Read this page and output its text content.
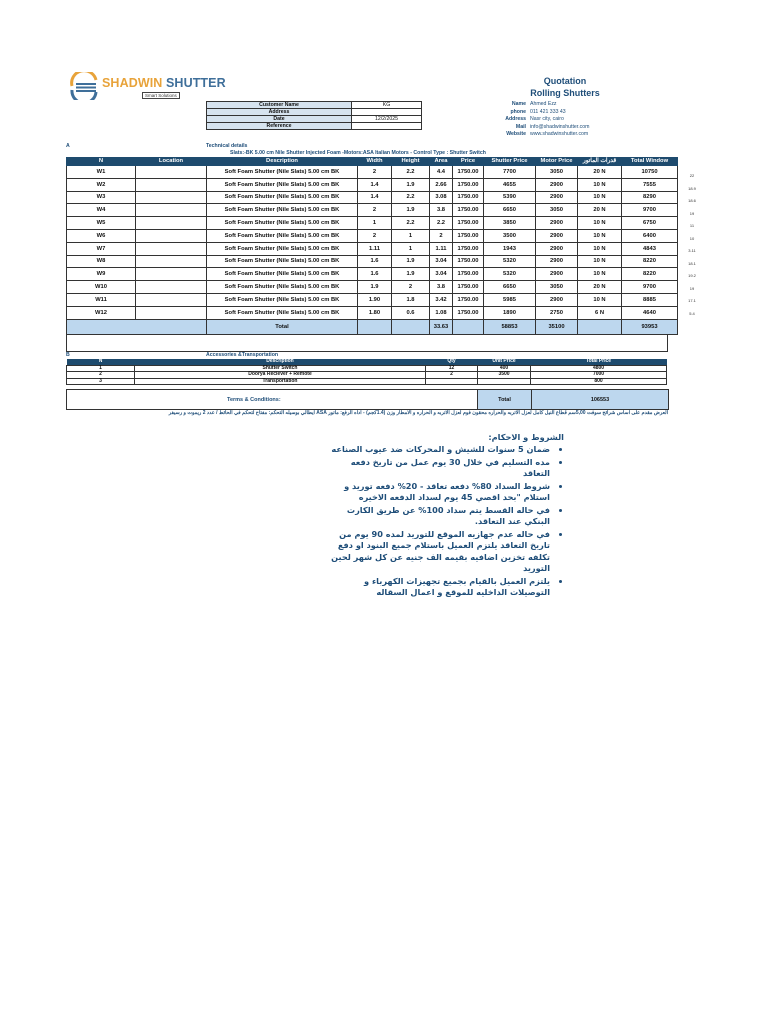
SHADWIN SHUTTER
Smart Solutions
Quotation
Rolling Shutters
Customer Name	KG
Address	
Date	12/2/2025
Reference	
Name Ahmed Ezz
phone 011 421 333 43
Address Nasr city, cairo
Mail info@shadwinshutter.com
Website www.shadwinshutter.com
A	Technical details
Slats:-BK 5.00 cm Nile Shutter Injected Foam -Motors:ASA Italian Motors - Control Type : Shutter Switch
N	Location	Description	Width	Height	Area	Price	Shutter Price	Motor Price	قدرات الماتور	Total Window
W1		Soft Foam Shutter (Nile Slats) 5.00 cm BK	2	2.2	4.4	1750.00	7700	3050	20 N	10750
W2		Soft Foam Shutter (Nile Slats) 5.00 cm BK	1.4	1.9	2.66	1750.00	4655	2900	10 N	7555
W3		Soft Foam Shutter (Nile Slats) 5.00 cm BK	1.4	2.2	3.08	1750.00	5390	2900	10 N	8290
W4		Soft Foam Shutter (Nile Slats) 5.00 cm BK	2	1.9	3.8	1750.00	6650	3050	20 N	9700
W5		Soft Foam Shutter (Nile Slats) 5.00 cm BK	1	2.2	2.2	1750.00	3850	2900	10 N	6750
W6		Soft Foam Shutter (Nile Slats) 5.00 cm BK	2	1	2	1750.00	3500	2900	10 N	6400
W7		Soft Foam Shutter (Nile Slats) 5.00 cm BK	1.11	1	1.11	1750.00	1943	2900	10 N	4843
W8		Soft Foam Shutter (Nile Slats) 5.00 cm BK	1.6	1.9	3.04	1750.00	5320	2900	10 N	8220
W9		Soft Foam Shutter (Nile Slats) 5.00 cm BK	1.6	1.9	3.04	1750.00	5320	2900	10 N	8220
W10		Soft Foam Shutter (Nile Slats) 5.00 cm BK	1.9	2	3.8	1750.00	6650	3050	20 N	9700
W11		Soft Foam Shutter (Nile Slats) 5.00 cm BK	1.90	1.8	3.42	1750.00	5985	2900	10 N	8885
W12		Soft Foam Shutter (Nile Slats) 5.00 cm BK	1.80	0.6	1.08	1750.00	1890	2750	6 N	4640
		Total			33.63		58853	35100		93953
22
18.9
18.6
19
11
10
3.11
18.1
19.2
19
17.1
5.4
B	Accessories &Transportation
N	Description	Qty	Unit Price	Total Price
1	Shutter Switch	12	400	4800
2	Doorya Reciever + Remote	2	3500	7000
3	Transportation			800
Terms & Conditions:	Total	106553
العرض مقدم على اساس شرائح سوفت 5,00سم قطاع النيل كامل لعزل الاتربه والحراره محقون فوم لعزل الاتربه و الحراره و الامطار وزن (1.4كجم) - اداه الرفع: ماتور ASA ايطالي بوسيله التحكم: مفتاح لتحكم في الحائط / عدد 2 ريموت و رسيفر
الشروط و الاحكام:
• ضمان 5 سنوات للشيش و المحركات ضد عيوب الصناعه
• مده التسليم في خلال 30 يوم عمل من تاريخ دفعه التعاقد
• شروط السداد 80% دفعه تعاقد - 20% دفعه توريد و استلام "بحد اقصي 45 يوم لسداد الدفعه الاخيره
• في حاله القسط يتم سداد 100% عن طريق الكارت البنكي عند التعاقد.
• في حاله عدم جهازيه الموقع للتوريد لمده 90 يوم من تاريخ التعاقد يلتزم العميل باستلام جميع البنود او دفع تكلفه تخزين اضافيه بقيمه الف جنيه عن كل شهر لحين التوريد
• يلتزم العميل بالقيام بجميع تجهيزات الكهرباء و التوصيلات الداخليه للموقع و اعمال السقاله
